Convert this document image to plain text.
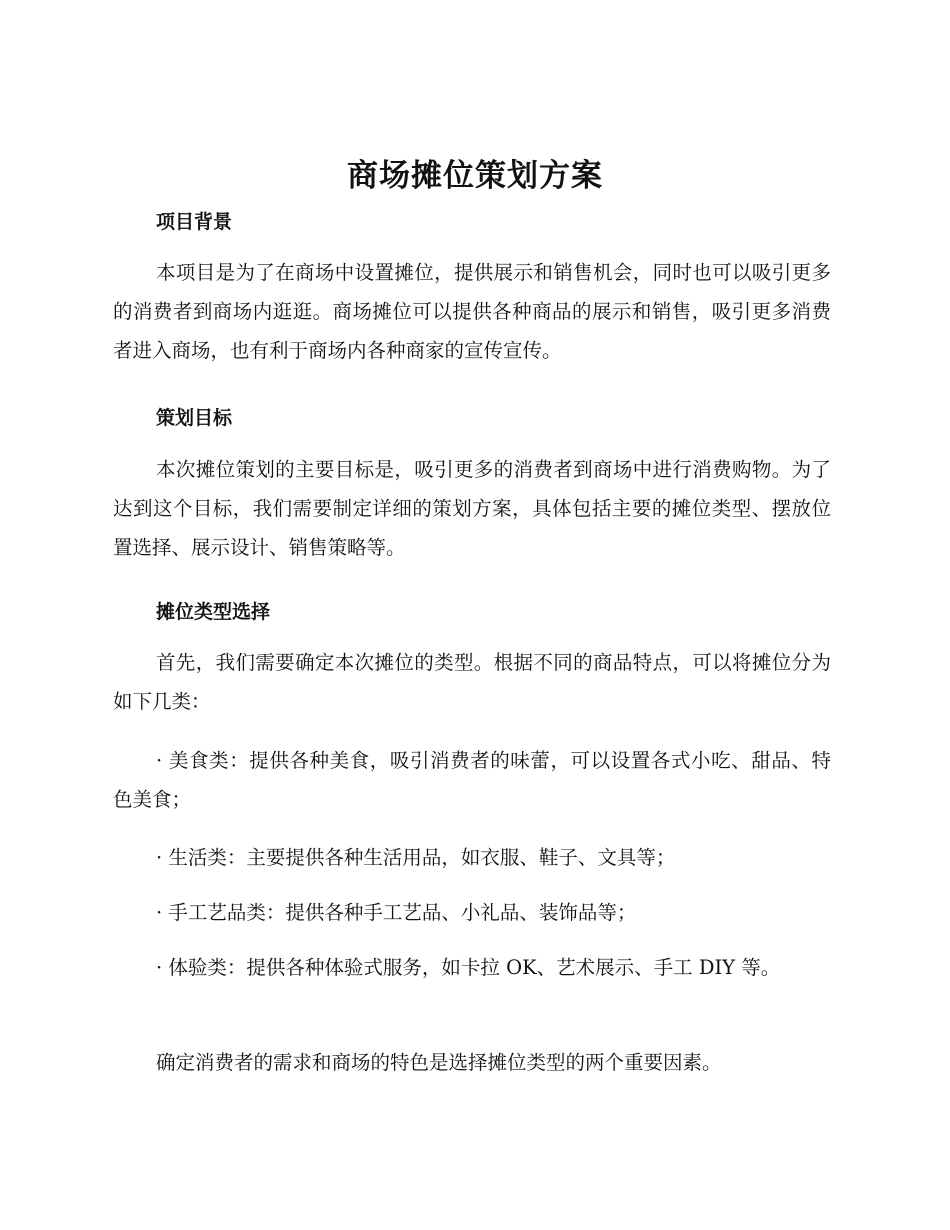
商场摊位策划方案
项目背景

本项目是为了在商场中设置摊位，提供展示和销售机会，同时也可以吸引更多的消费者到商场内逛逛。商场摊位可以提供各种商品的展示和销售，吸引更多消费者进入商场，也有利于商场内各种商家的宣传宣传。

策划目标

本次摊位策划的主要目标是，吸引更多的消费者到商场中进行消费购物。为了达到这个目标，我们需要制定详细的策划方案，具体包括主要的摊位类型、摆放位置选择、展示设计、销售策略等。

摊位类型选择

首先，我们需要确定本次摊位的类型。根据不同的商品特点，可以将摊位分为如下几类：

· 美食类：提供各种美食，吸引消费者的味蕾，可以设置各式小吃、甜品、特色美食；

· 生活类：主要提供各种生活用品，如衣服、鞋子、文具等；

· 手工艺品类：提供各种手工艺品、小礼品、装饰品等；

· 体验类：提供各种体验式服务，如卡拉 OK、艺术展示、手工 DIY 等。

确定消费者的需求和商场的特色是选择摊位类型的两个重要因素。
